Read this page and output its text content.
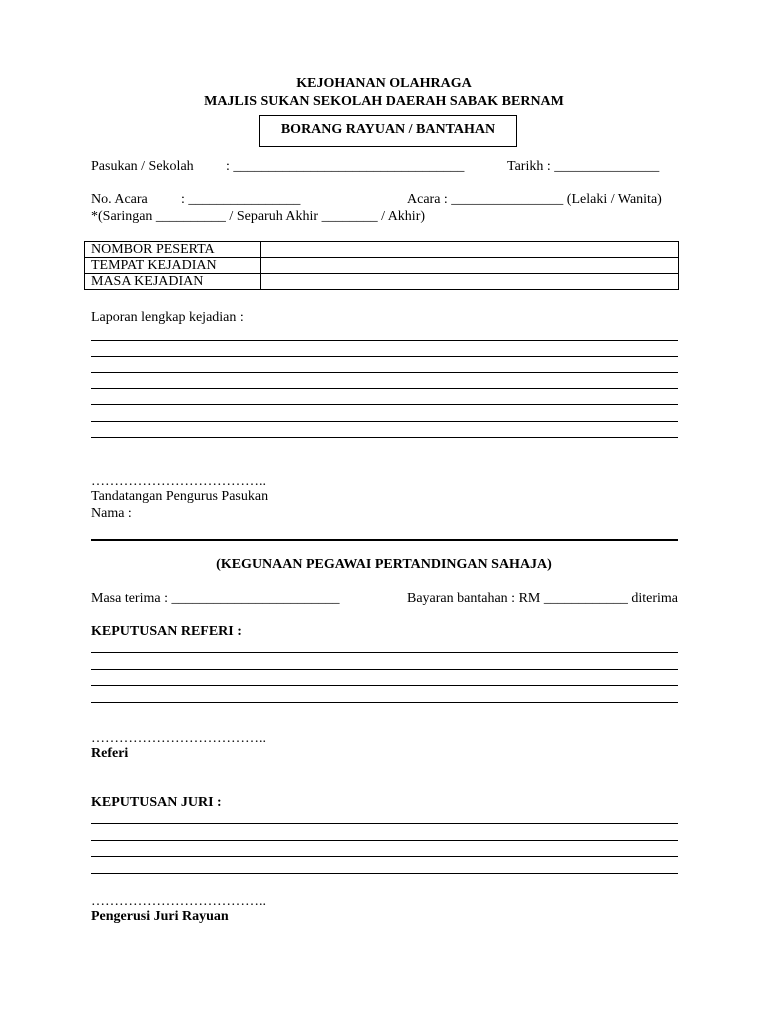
KEJOHANAN OLAHRAGA
MAJLIS SUKAN SEKOLAH DAERAH SABAK BERNAM
BORANG RAYUAN / BANTAHAN
Pasukan / Sekolah : _________________________________	Tarikh : _______________
No. Acara : ________________	Acara : ________________ (Lelaki / Wanita)
*(Saringan __________ / Separuh Akhir ________ / Akhir)
NOMBOR PESERTA	
TEMPAT KEJADIAN	
MASA KEJADIAN	
Laporan lengkap kejadian :
………………………………..
Tandatangan Pengurus Pasukan
Nama :
(KEGUNAAN PEGAWAI PERTANDINGAN SAHAJA)
Masa terima : ________________________	Bayaran bantahan : RM ____________ diterima
KEPUTUSAN REFERI :
………………………………..
Referi
KEPUTUSAN JURI :
………………………………..
Pengerusi Juri Rayuan
